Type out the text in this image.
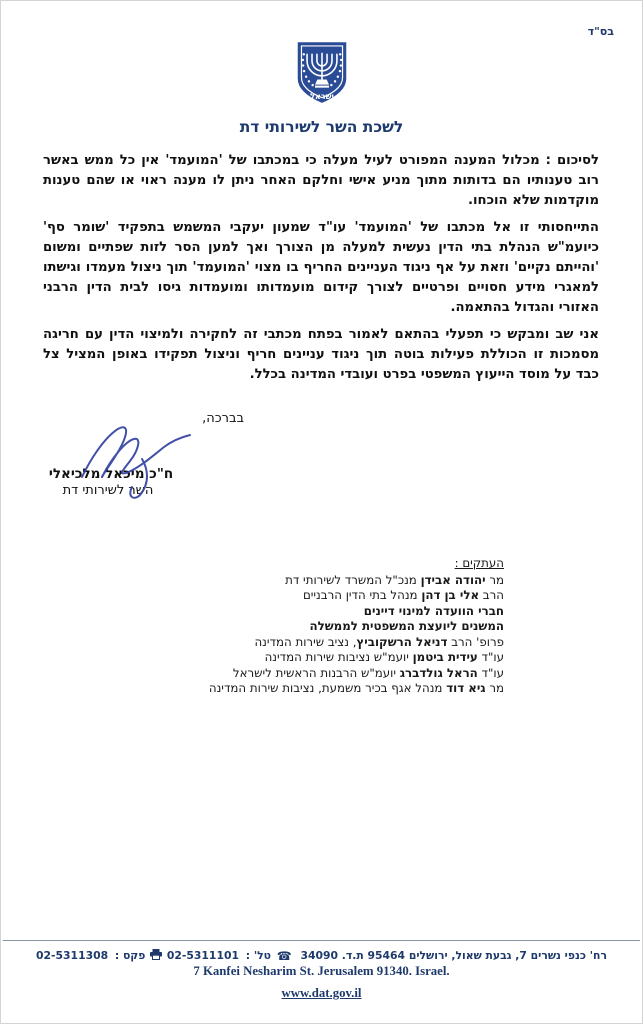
בס"ד
ישראל
לשכת השר לשירותי דת

לסיכום : מכלול המענה המפורט לעיל מעלה כי במכתבו של 'המועמד' אין כל ממש באשר רוב טענותיו הם בדותות מתוך מניע אישי וחלקם האחר ניתן לו מענה ראוי או שהם טענות מוקדמות שלא הוכחו.

התייחסותי זו אל מכתבו של 'המועמד' עו"ד שמעון יעקבי המשמש בתפקיד 'שומר סף' כיועמ"ש הנהלת בתי הדין נעשית למעלה מן הצורך ואך למען הסר לזות שפתיים ומשום 'והייתם נקיים' וזאת על אף ניגוד העניינים החריף בו מצוי 'המועמד' תוך ניצול מעמדו וגישתו למאגרי מידע חסויים ופרטיים לצורך קידום מועמדותו ומועמדות גיסו לבית הדין הרבני האזורי והגדול בהתאמה.

אני שב ומבקש כי תפעלי בהתאם לאמור בפתח מכתבי זה לחקירה ולמיצוי הדין עם חריגה מסמכות זו הכוללת פעילות בוטה תוך ניגוד עניינים חריף וניצול תפקידו באופן המציל צל כבד על מוסד הייעוץ המשפטי בפרט ועובדי המדינה בכלל.

בברכה,
ח"כ מיכאל מלכיאלי
השר לשירותי דת
העתקים :
מר יהודה אבידן מנכ"ל המשרד לשירותי דת
הרב אלי בן דהן מנהל בתי הדין הרבניים
חברי הוועדה למינוי דיינים
המשנים ליועצת המשפטית לממשלה
פרופ' הרב דניאל הרשקוביץ, נציב שירות המדינה
עו"ד עידית ביטמן יועמ"ש נציבות שירות המדינה
עו"ד הראל גולדברג יועמ"ש הרבנות הראשית לישראל
מר גיא דוד מנהל אגף בכיר משמעת, נציבות שירות המדינה
רח' כנפי נשרים 7, גבעת שאול, ירושלים 95464 ת.ד. 34090 ☎ טל' : 02-5311101  פקס : 02-5311308
7 Kanfei Nesharim St. Jerusalem 91340. Israel.
www.dat.gov.il
